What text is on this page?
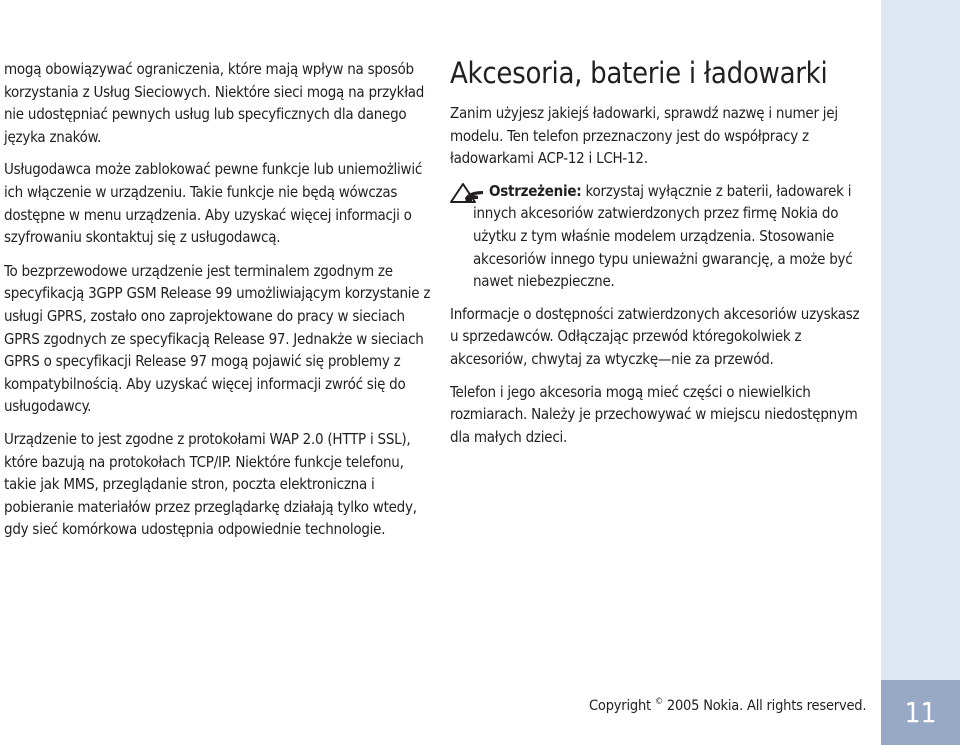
mogą obowiązywać ograniczenia, które mają wpływ na sposób korzystania z Usług Sieciowych. Niektóre sieci mogą na przykład nie udostępniać pewnych usług lub specyficznych dla danego języka znaków.

Usługodawca może zablokować pewne funkcje lub uniemożliwić ich włączenie w urządzeniu. Takie funkcje nie będą wówczas dostępne w menu urządzenia. Aby uzyskać więcej informacji o szyfrowaniu skontaktuj się z usługodawcą.

To bezprzewodowe urządzenie jest terminalem zgodnym ze specyfikacją 3GPP GSM Release 99 umożliwiającym korzystanie z usługi GPRS, zostało ono zaprojektowane do pracy w sieciach GPRS zgodnych ze specyfikacją Release 97. Jednakże w sieciach GPRS o specyfikacji Release 97 mogą pojawić się problemy z kompatybilnością. Aby uzyskać więcej informacji zwróć się do usługodawcy.

Urządzenie to jest zgodne z protokołami WAP 2.0 (HTTP i SSL), które bazują na protokołach TCP/IP. Niektóre funkcje telefonu, takie jak MMS, przeglądanie stron, poczta elektroniczna i pobieranie materiałów przez przeglądarkę działają tylko wtedy, gdy sieć komórkowa udostępnia odpowiednie technologie.

Akcesoria, baterie i ładowarki

Zanim użyjesz jakiejś ładowarki, sprawdź nazwę i numer jej modelu. Ten telefon przeznaczony jest do współpracy z ładowarkami ACP-12 i LCH-12.

Ostrzeżenie: korzystaj wyłącznie z baterii, ładowarek i innych akcesoriów zatwierdzonych przez firmę Nokia do użytku z tym właśnie modelem urządzenia. Stosowanie akcesoriów innego typu unieważni gwarancję, a może być nawet niebezpieczne.

Informacje o dostępności zatwierdzonych akcesoriów uzyskasz u sprzedawców. Odłączając przewód któregokolwiek z akcesoriów, chwytaj za wtyczkę—nie za przewód.

Telefon i jego akcesoria mogą mieć części o niewielkich rozmiarach. Należy je przechowywać w miejscu niedostępnym dla małych dzieci.

Copyright © 2005 Nokia. All rights reserved.	11
